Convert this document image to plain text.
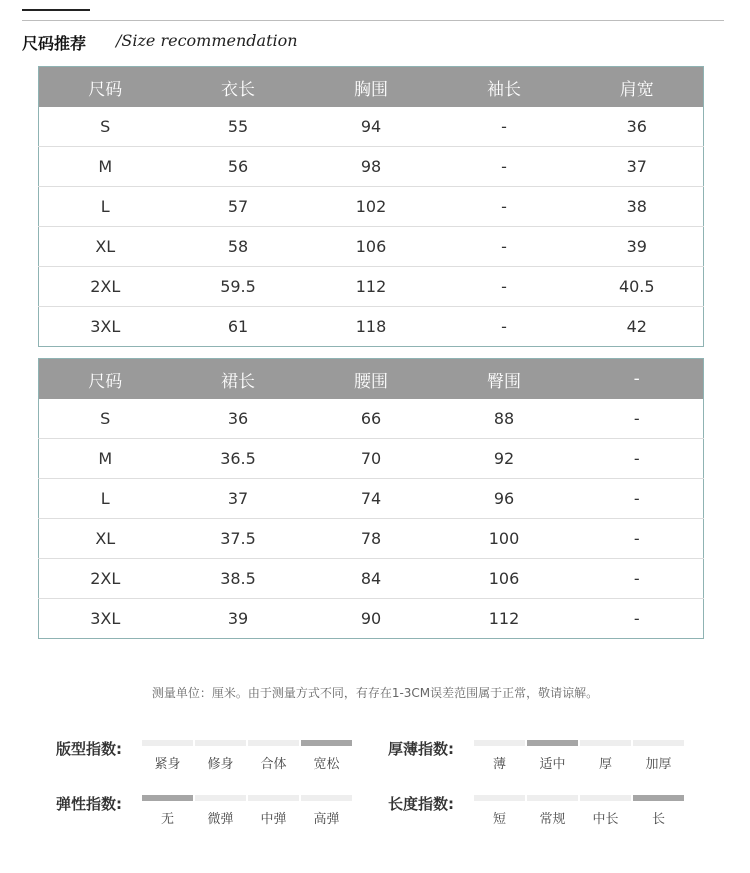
尺码推荐 /Size recommendation
尺码	衣长	胸围	袖长	肩宽
S	55	94	-	36
M	56	98	-	37
L	57	102	-	38
XL	58	106	-	39
2XL	59.5	112	-	40.5
3XL	61	118	-	42
尺码	裙长	腰围	臀围	-
S	36	66	88	-
M	36.5	70	92	-
L	37	74	96	-
XL	37.5	78	100	-
2XL	38.5	84	106	-
3XL	39	90	112	-
测量单位：厘米。由于测量方式不同，有存在1-3CM误差范围属于正常，敬请谅解。
版型指数:
紧身	修身	合体	宽松
厚薄指数:
薄	适中	厚	加厚
弹性指数:
无	微弹	中弹	高弹
长度指数:
短	常规	中长	长
